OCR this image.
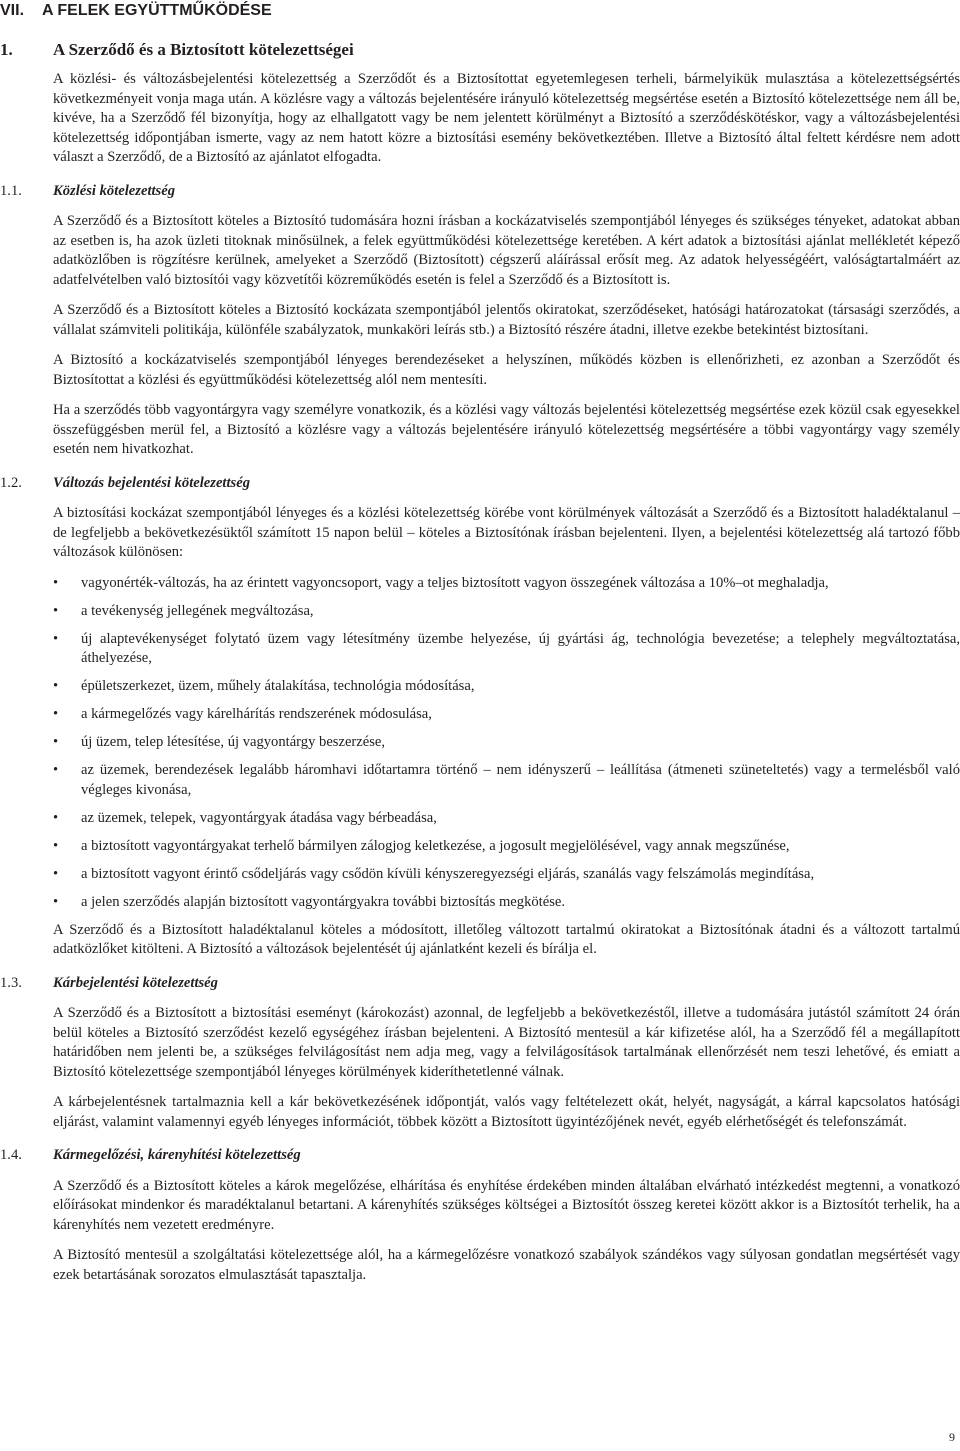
VII. A FELEK EGYÜTTMŰKÖDÉSE
1. A Szerződő és a Biztosított kötelezettségei

A közlési- és változásbejelentési kötelezettség a Szerződőt és a Biztosítottat egyetemlegesen terheli, bármelyikük mulasztása a kötelezettségsértés következményeit vonja maga után. A közlésre vagy a változás bejelentésére irányuló kötelezettség megsértése esetén a Biztosító kötelezettsége nem áll be, kivéve, ha a Szerződő fél bizonyítja, hogy az elhallgatott vagy be nem jelentett körülményt a Biztosító a szerződéskötéskor, vagy a változásbejelentési kötelezettség időpontjában ismerte, vagy az nem hatott közre a biztosítási esemény bekövetkeztében. Illetve a Biztosító által feltett kérdésre nem adott választ a Szerződő, de a Biztosító az ajánlatot elfogadta.

1.1. Közlési kötelezettség

A Szerződő és a Biztosított köteles a Biztosító tudomására hozni írásban a kockázatviselés szempontjából lényeges és szükséges tényeket, adatokat abban az esetben is, ha azok üzleti titoknak minősülnek, a felek együttműködési kötelezettsége keretében. A kért adatok a biztosítási ajánlat mellékletét képező adatközlőben is rögzítésre kerülnek, amelyeket a Szerződő (Biztosított) cégszerű aláírással erősít meg. Az adatok helyességéért, valóságtartalmáért az adatfelvételben való biztosítói vagy közvetítői közreműködés esetén is felel a Szerződő és a Biztosított is.

A Szerződő és a Biztosított köteles a Biztosító kockázata szempontjából jelentős okiratokat, szerződéseket, hatósági határozatokat (társasági szerződés, a vállalat számviteli politikája, különféle szabályzatok, munkaköri leírás stb.) a Biztosító részére átadni, illetve ezekbe betekintést biztosítani.

A Biztosító a kockázatviselés szempontjából lényeges berendezéseket a helyszínen, működés közben is ellenőrizheti, ez azonban a Szerződőt és Biztosítottat a közlési és együttműködési kötelezettség alól nem mentesíti.

Ha a szerződés több vagyontárgyra vagy személyre vonatkozik, és a közlési vagy változás bejelentési kötelezettség megsértése ezek közül csak egyesekkel összefüggésben merül fel, a Biztosító a közlésre vagy a változás bejelentésére irányuló kötelezettség megsértésére a többi vagyontárgy vagy személy esetén nem hivatkozhat.

1.2. Változás bejelentési kötelezettség

A biztosítási kockázat szempontjából lényeges és a közlési kötelezettség körébe vont körülmények változását a Szerződő és a Biztosított haladéktalanul – de legfeljebb a bekövetkezésüktől számított 15 napon belül – köteles a Biztosítónak írásban bejelenteni. Ilyen, a bejelentési kötelezettség alá tartozó főbb változások különösen:

• vagyonérték-változás, ha az érintett vagyoncsoport, vagy a teljes biztosított vagyon összegének változása a 10%–ot meghaladja,
• a tevékenység jellegének megváltozása,
• új alaptevékenységet folytató üzem vagy létesítmény üzembe helyezése, új gyártási ág, technológia bevezetése; a telephely megváltoztatása, áthelyezése,
• épületszerkezet, üzem, műhely átalakítása, technológia módosítása,
• a kármegelőzés vagy kárelhárítás rendszerének módosulása,
• új üzem, telep létesítése, új vagyontárgy beszerzése,
• az üzemek, berendezések legalább háromhavi időtartamra történő – nem idényszerű – leállítása (átmeneti szüneteltetés) vagy a termelésből való végleges kivonása,
• az üzemek, telepek, vagyontárgyak átadása vagy bérbeadása,
• a biztosított vagyontárgyakat terhelő bármilyen zálogjog keletkezése, a jogosult megjelölésével, vagy annak megszűnése,
• a biztosított vagyont érintő csődeljárás vagy csődön kívüli kényszeregyezségi eljárás, szanálás vagy felszámolás megindítása,
• a jelen szerződés alapján biztosított vagyontárgyakra további biztosítás megkötése.

A Szerződő és a Biztosított haladéktalanul köteles a módosított, illetőleg változott tartalmú okiratokat a Biztosítónak átadni és a változott tartalmú adatközlőket kitölteni. A Biztosító a változások bejelentését új ajánlatként kezeli és bírálja el.

1.3. Kárbejelentési kötelezettség

A Szerződő és a Biztosított a biztosítási eseményt (károkozást) azonnal, de legfeljebb a bekövetkezéstől, illetve a tudomására jutástól számított 24 órán belül köteles a Biztosító szerződést kezelő egységéhez írásban bejelenteni. A Biztosító mentesül a kár kifizetése alól, ha a Szerződő fél a megállapított határidőben nem jelenti be, a szükséges felvilágosítást nem adja meg, vagy a felvilágosítások tartalmának ellenőrzését nem teszi lehetővé, és emiatt a Biztosító kötelezettsége szempontjából lényeges körülmények kideríthetetlenné válnak.

A kárbejelentésnek tartalmaznia kell a kár bekövetkezésének időpontját, valós vagy feltételezett okát, helyét, nagyságát, a kárral kapcsolatos hatósági eljárást, valamint valamennyi egyéb lényeges információt, többek között a Biztosított ügyintézőjének nevét, egyéb elérhetőségét és telefonszámát.

1.4. Kármegelőzési, kárenyhítési kötelezettség

A Szerződő és a Biztosított köteles a károk megelőzése, elhárítása és enyhítése érdekében minden általában elvárható intézkedést megtenni, a vonatkozó előírásokat mindenkor és maradéktalanul betartani. A kárenyhítés szükséges költségei a Biztosítót összeg keretei között akkor is a Biztosítót terhelik, ha a kárenyhítés nem vezetett eredményre.

A Biztosító mentesül a szolgáltatási kötelezettsége alól, ha a kármegelőzésre vonatkozó szabályok szándékos vagy súlyosan gondatlan megsértését vagy ezek betartásának sorozatos elmulasztását tapasztalja.

9
